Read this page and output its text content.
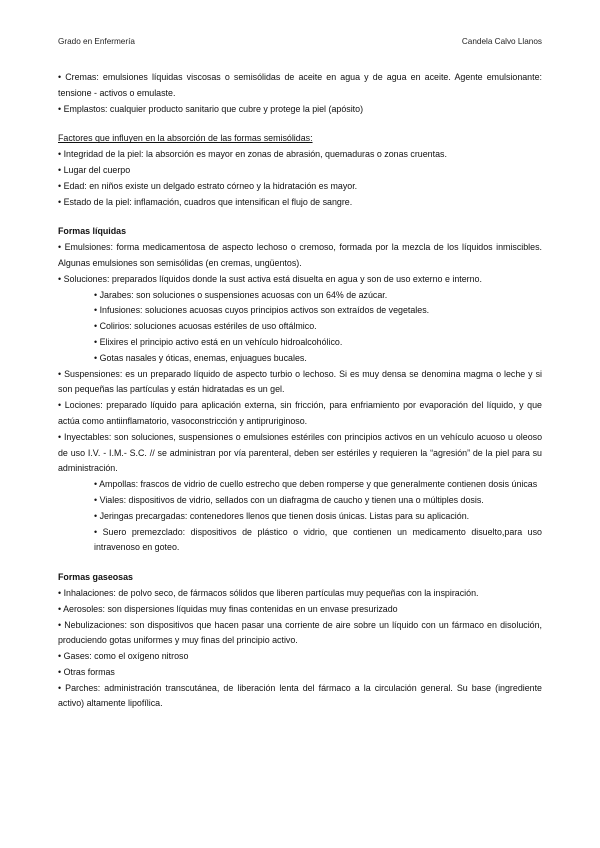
Grado en Enfermería	Candela Calvo Llanos

• Cremas: emulsiones líquidas viscosas o semisólidas de aceite en agua y de agua en aceite. Agente emulsionante: tensione - activos o emulaste.

• Emplastos: cualquier producto sanitario que cubre y protege la piel (apósito)

Factores que influyen en la absorción de las formas semisólidas:

• Integridad de la piel: la absorción es mayor en zonas de abrasión, quemaduras o zonas cruentas.

• Lugar del cuerpo

• Edad: en niños existe un delgado estrato córneo y la hidratación es mayor.

• Estado de la piel: inflamación, cuadros que intensifican el flujo de sangre.

Formas líquidas

• Emulsiones: forma medicamentosa de aspecto lechoso o cremoso, formada por la mezcla de los líquidos inmiscibles. Algunas emulsiones son semisólidas (en cremas, ungüentos).

• Soluciones: preparados líquidos donde la sust activa está disuelta en agua y son de uso externo e interno.

• Jarabes: son soluciones o suspensiones acuosas con un 64% de azúcar.

• Infusiones: soluciones acuosas cuyos principios activos son extraídos de vegetales.

• Colirios: soluciones acuosas estériles de uso oftálmico.

• Elixires el principio activo está en un vehículo hidroalcohólico.

• Gotas nasales y óticas, enemas, enjuagues bucales.

• Suspensiones: es un preparado líquido de aspecto turbio o lechoso. Si es muy densa se denomina magma o leche y si son pequeñas las partículas y están hidratadas es un gel.

• Lociones: preparado líquido para aplicación externa, sin fricción, para enfriamiento por evaporación del líquido, y que actúa como antiinflamatorio, vasoconstricción y antipruriginoso.

• Inyectables: son soluciones, suspensiones o emulsiones estériles con principios activos en un vehículo acuoso u oleoso de uso I.V. - I.M.- S.C. // se administran por vía parenteral, deben ser estériles y requieren la “agresión” de la piel para su administración.

• Ampollas: frascos de vidrio de cuello estrecho que deben romperse y que generalmente contienen dosis únicas

• Viales: dispositivos de vidrio, sellados con un diafragma de caucho y tienen una o múltiples dosis.

• Jeringas precargadas: contenedores llenos que tienen dosis únicas. Listas para su aplicación.

• Suero premezclado: dispositivos de plástico o vidrio, que contienen un medicamento disuelto,para uso intravenoso en goteo.

Formas gaseosas

• Inhalaciones: de polvo seco, de fármacos sólidos que liberen partículas muy pequeñas con la inspiración.

• Aerosoles: son dispersiones líquidas muy finas contenidas en un envase presurizado

• Nebulizaciones: son dispositivos que hacen pasar una corriente de aire sobre un líquido con un fármaco en disolución, produciendo gotas uniformes y muy finas del principio activo.

• Gases: como el oxígeno nitroso

• Otras formas

• Parches: administración transcutánea, de liberación lenta del fármaco a la circulación general. Su base (ingrediente activo) altamente lipofílica.
